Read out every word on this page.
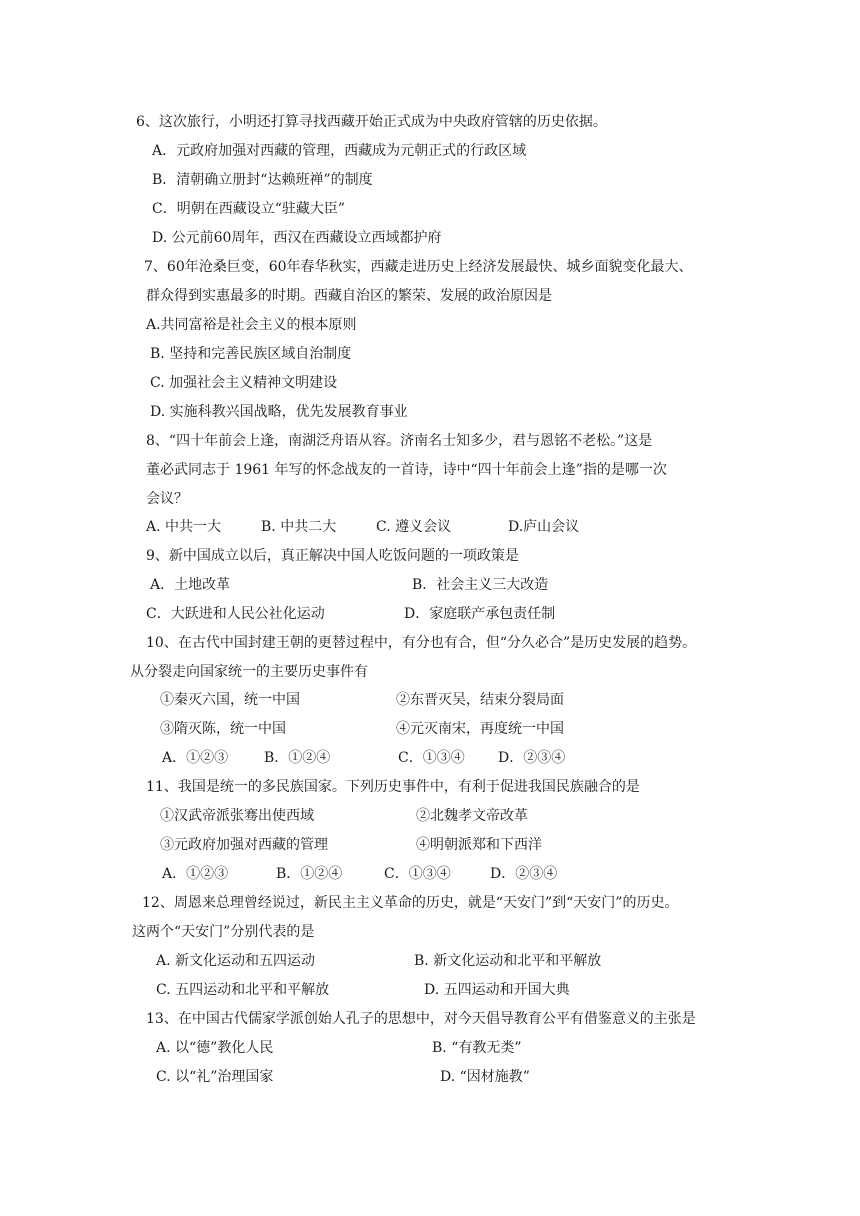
6、这次旅行，小明还打算寻找西藏开始正式成为中央政府管辖的历史依据。
A．元政府加强对西藏的管理，西藏成为元朝正式的行政区域
B．清朝确立册封“达赖班禅”的制度
C．明朝在西藏设立“驻藏大臣”
D. 公元前60周年，西汉在西藏设立西域都护府
7、60年沧桑巨变，60年春华秋实，西藏走进历史上经济发展最快、城乡面貌变化最大、
群众得到实惠最多的时期。西藏自治区的繁荣、发展的政治原因是
A.共同富裕是社会主义的根本原则
B. 坚持和完善民族区域自治制度
C. 加强社会主义精神文明建设
D. 实施科教兴国战略，优先发展教育事业
8、“四十年前会上逢，南湖泛舟语从容。济南名士知多少，君与恩铭不老松。”这是
董必武同志于 1961 年写的怀念战友的一首诗，诗中“四十年前会上逢”指的是哪一次
会议？
A. 中共一大	B. 中共二大	C. 遵义会议	D.庐山会议
9、新中国成立以后，真正解决中国人吃饭问题的一项政策是
A．土地改革	B．社会主义三大改造
C．大跃进和人民公社化运动	D．家庭联产承包责任制
10、在古代中国封建王朝的更替过程中，有分也有合，但“分久必合”是历史发展的趋势。
从分裂走向国家统一的主要历史事件有
①秦灭六国，统一中国	②东晋灭吴，结束分裂局面
③隋灭陈，统一中国	④元灭南宋，再度统一中国
A．①②③	B．①②④	C．①③④ D．②③④
11、我国是统一的多民族国家。下列历史事件中，有利于促进我国民族融合的是
①汉武帝派张骞出使西域	②北魏孝文帝改革
③元政府加强对西藏的管理	④明朝派郑和下西洋
A．①②③	B．①②④	C．①③④	D．②③④
12、周恩来总理曾经说过，新民主主义革命的历史，就是“天安门”到“天安门”的历史。
这两个“天安门”分别代表的是
A. 新文化运动和五四运动	B. 新文化运动和北平和平解放
C. 五四运动和北平和平解放	D. 五四运动和开国大典
13、在中国古代儒家学派创始人孔子的思想中，对今天倡导教育公平有借鉴意义的主张是
A. 以“德”教化人民	B. “有教无类”
C. 以“礼”治理国家	D. “因材施教”
